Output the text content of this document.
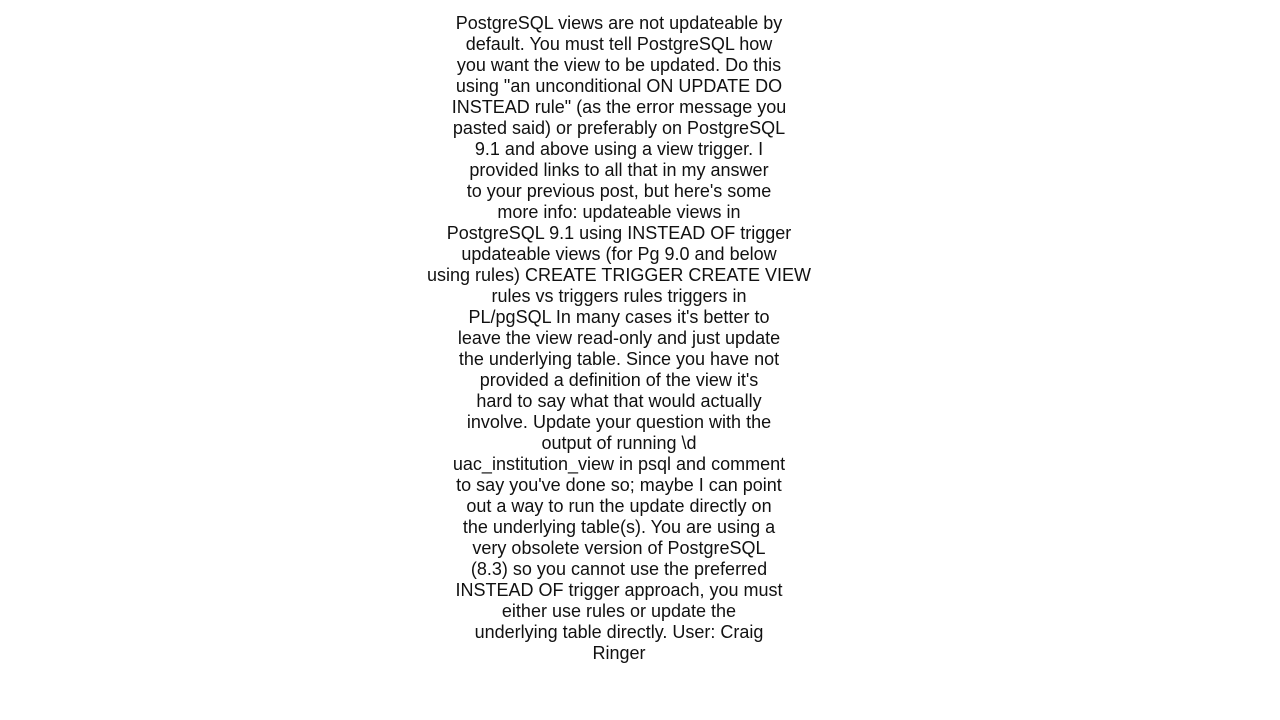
PostgreSQL views are not updateable by
default. You must tell PostgreSQL how
you want the view to be updated. Do this
using "an unconditional ON UPDATE DO
INSTEAD rule" (as the error message you
pasted said) or preferably on PostgreSQL
9.1 and above using a view trigger. I
provided links to all that in my answer
to your previous post, but here's some
more info: updateable views in
PostgreSQL 9.1 using INSTEAD OF trigger
updateable views (for Pg 9.0 and below
using rules) CREATE TRIGGER CREATE VIEW
rules vs triggers rules triggers in
PL/pgSQL In many cases it's better to
leave the view read-only and just update
the underlying table. Since you have not
provided a definition of the view it's
hard to say what that would actually
involve. Update your question with the
output of running \d
uac_institution_view in psql and comment
to say you've done so; maybe I can point
out a way to run the update directly on
the underlying table(s). You are using a
very obsolete version of PostgreSQL
(8.3) so you cannot use the preferred
INSTEAD OF trigger approach, you must
either use rules or update the
underlying table directly. User: Craig
Ringer
